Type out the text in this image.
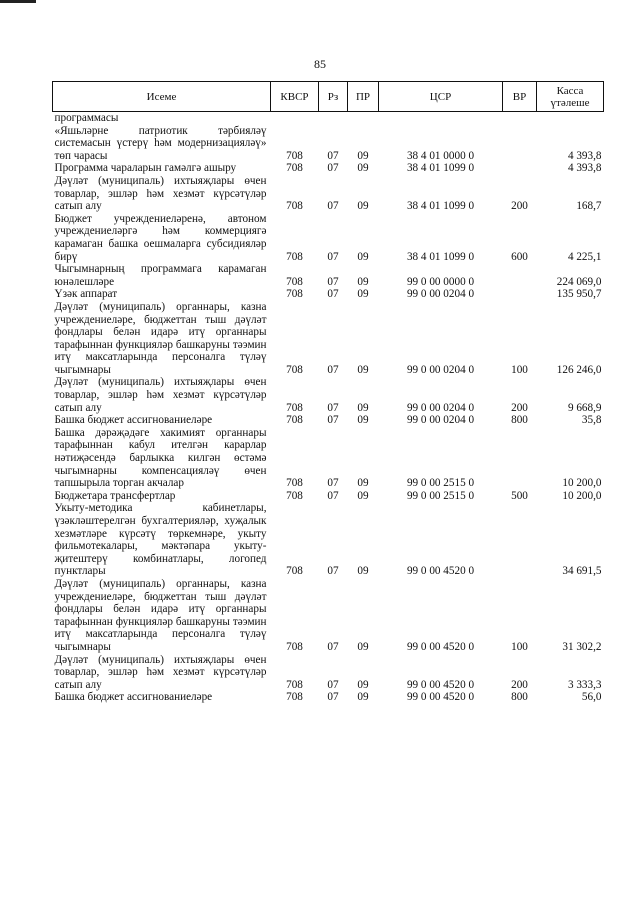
85
Исеме	КВСР	Рз	ПР	ЦСР	ВР	Касса үтәлеше
программасы						
«Яшьләрне патриотик тәрбияләү системасын үстерү һәм модернизацияләү» төп чарасы	708	07	09	38 4 01 0000 0		4 393,8
Программа чараларын гамәлгә ашыру	708	07	09	38 4 01 1099 0		4 393,8
Дәүләт (муниципаль) ихтыяҗлары өчен товарлар, эшләр һәм хезмәт күрсәтүләр сатып алу	708	07	09	38 4 01 1099 0	200	168,7
Бюджет учреждениеләренә, автоном учреждениеләргә һәм коммерциягә карамаган башка оешмаларга субсидияләр бирү	708	07	09	38 4 01 1099 0	600	4 225,1
Чыгымнарның программага карамаган юнәлешләре	708	07	09	99 0 00 0000 0		224 069,0
Үзәк аппарат	708	07	09	99 0 00 0204 0		135 950,7
Дәүләт (муниципаль) органнары, казна учреждениеләре, бюджеттан тыш дәүләт фондлары белән идарә итү органнары тарафыннан функцияләр башкаруны тәэмин итү максатларында персоналга түләү чыгымнары	708	07	09	99 0 00 0204 0	100	126 246,0
Дәүләт (муниципаль) ихтыяҗлары өчен товарлар, эшләр һәм хезмәт күрсәтүләр сатып алу	708	07	09	99 0 00 0204 0	200	9 668,9
Башка бюджет ассигнованиеләре	708	07	09	99 0 00 0204 0	800	35,8
Башка дәрәҗәдәге хакимият органнары тарафыннан кабул ителгән карарлар нәтиҗәсендә барлыкка килгән өстәмә чыгымнарны компенсацияләү өчен тапшырыла торган акчалар	708	07	09	99 0 00 2515 0		10 200,0
Бюджетара трансфертлар	708	07	09	99 0 00 2515 0	500	10 200,0
Укыту-методика кабинетлары, үзәкләштерелгән бухгалтерияләр, хуҗалык хезмәтләре күрсәтү төркемнәре, укыту фильмотекалары, мәктәпара укыту-җитештерү комбинатлары, логопед пунктлары	708	07	09	99 0 00 4520 0		34 691,5
Дәүләт (муниципаль) органнары, казна учреждениеләре, бюджеттан тыш дәүләт фондлары белән идарә итү органнары тарафыннан функцияләр башкаруны тәэмин итү максатларында персоналга түләү чыгымнары	708	07	09	99 0 00 4520 0	100	31 302,2
Дәүләт (муниципаль) ихтыяҗлары өчен товарлар, эшләр һәм хезмәт күрсәтүләр сатып алу	708	07	09	99 0 00 4520 0	200	3 333,3
Башка бюджет ассигнованиеләре	708	07	09	99 0 00 4520 0	800	56,0
